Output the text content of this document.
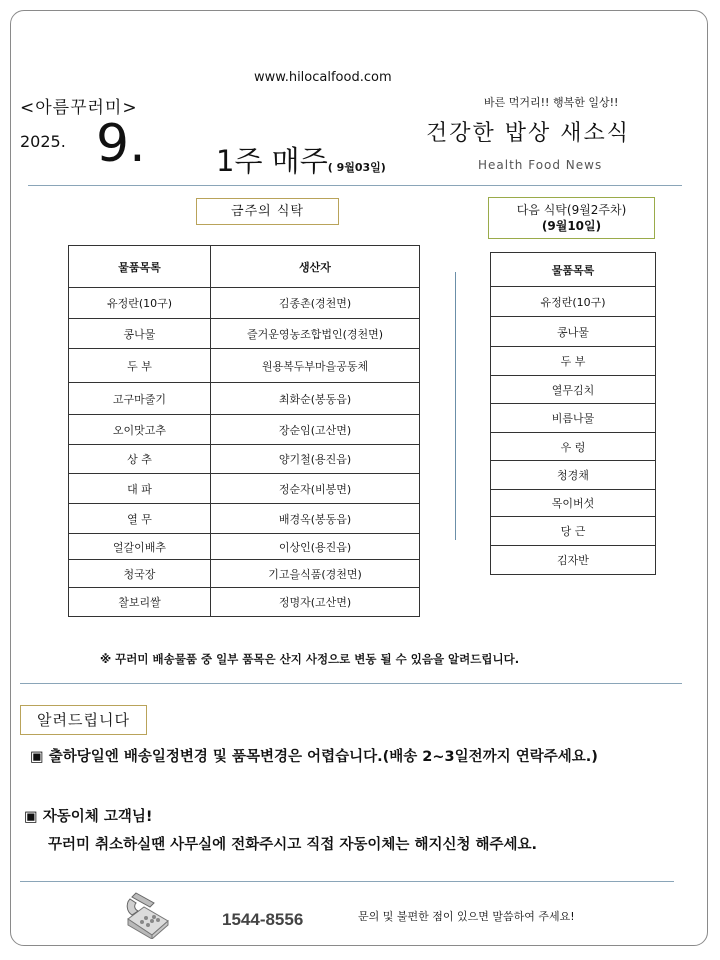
www.hilocalfood.com
<아름꾸러미>	바른 먹거리!! 행복한 일상!!
2025. 9. 1주 매주( 9월03일)
건강한 밥상 새소식
Health Food News
금주의 식탁	다음 식탁(9월2주차)
(9월10일)
물품목록	생산자
유정란(10구)	김종촌(경천면)
콩나물	즐거운영농조합법인(경천면)
두 부	원용복두부마을공동체
고구마줄기	최화순(봉동읍)
오이맛고추	장순임(고산면)
상 추	양기철(용진읍)
대 파	정순자(비봉면)
열 무	배경옥(봉동읍)
얼갈이배추	이상인(용진읍)
청국장	기고을식품(경천면)
찰보리쌀	정명자(고산면)
물품목록
유정란(10구)
콩나물
두 부
열무김치
비름나물
우 렁
청경채
목이버섯
당 근
김자반
※ 꾸러미 배송물품 중 일부 품목은 산지 사정으로 변동 될 수 있음을 알려드립니다.
알려드립니다
▣ 출하당일엔 배송일정변경 및 품목변경은 어렵습니다.(배송 2~3일전까지 연락주세요.)
▣ 자동이체 고객님!
꾸러미 취소하실땐 사무실에 전화주시고 직접 자동이체는 해지신청 해주세요.
1544-8556	문의 및 불편한 점이 있으면 말씀하여 주세요!
